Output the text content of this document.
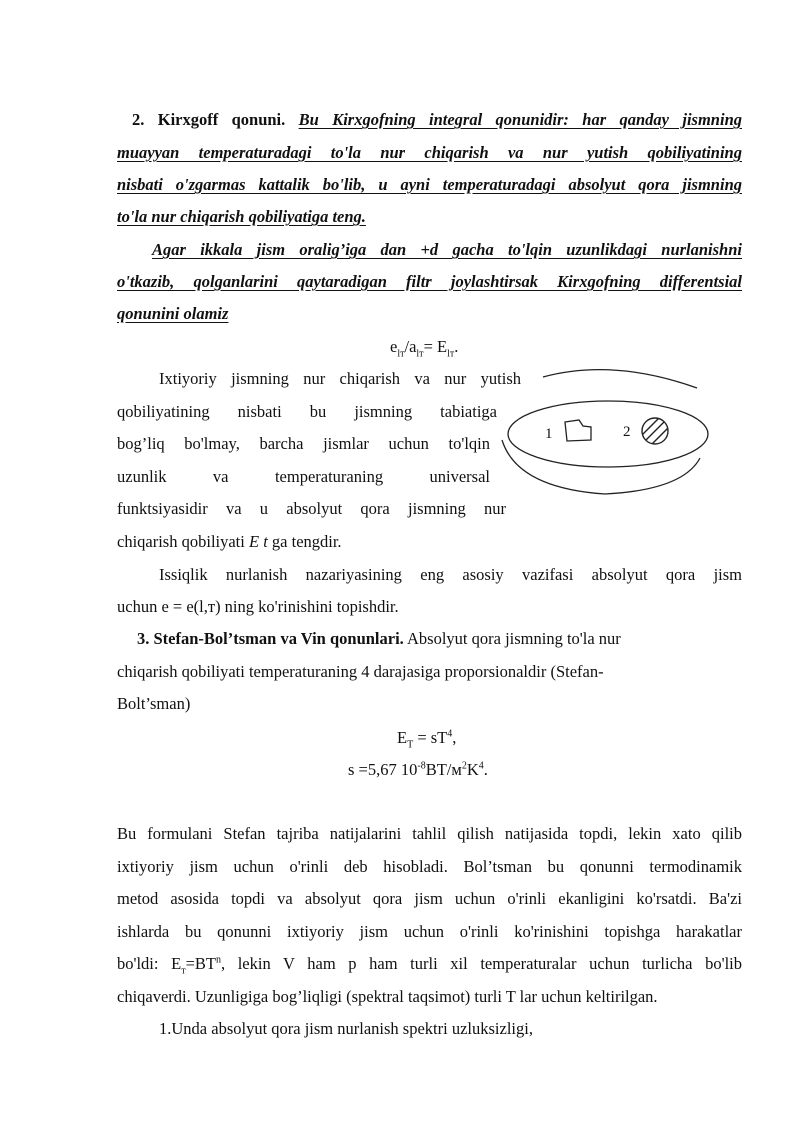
2. Kirxgoff qonuni. Bu Kirxgofning integral qonunidir: har qanday jismning
muayyan temperaturadagi to'la nur chiqarish va nur yutish qobiliyatining
nisbati o'zgarmas kattalik bo'lib, u ayni temperaturadagi absolyut qora jismning
to'la nur chiqarish qobiliyatiga teng.
Agar ikkala jism oralig’iga dan +d gacha to'lqin uzunlikdagi nurlanishni
o'tkazib, qolganlarini qaytaradigan filtr joylashtirsak Kirxgofning differentsial
qonunini olamiz
$e_{lт}/a_{lт}= E_{lт}$.
Ixtiyoriy jismning nur chiqarish va nur yutish
qobiliyatining nisbati bu jismning tabiatiga
bog’liq bo'lmay, barcha jismlar uchun to'lqin
uzunlik va temperaturaning universal
funktsiyasidir va u absolyut qora jismning nur
chiqarish qobiliyati E t ga tengdir.
1	2
Issiqlik nurlanish nazariyasining eng asosiy vazifasi absolyut qora jism
uchun e = e(l,т) ning ko'rinishini topishdir.
3. Stefan-Bol’tsman va Vin qonunlari. Absolyut qora jismning to'la nur
chiqarish qobiliyati temperaturaning 4 darajasiga proporsionaldir (Stefan-
Bolt’sman)
$E_T = sT^4$,
s =5,67 $10^{-8}BT/м^2K^4$.
Bu formulani Stefan tajriba natijalarini tahlil qilish natijasida topdi, lekin xato qilib
ixtiyoriy jism uchun o'rinli deb hisobladi. Bol’tsman bu qonunni termodinamik
metod asosida topdi va absolyut qora jism uchun o'rinli ekanligini ko'rsatdi. Ba'zi
ishlarda bu qonunni ixtiyoriy jism uchun o'rinli ko'rinishini topishga harakatlar
bo'ldi: $E_т=BT^n$, lekin V ham p ham turli xil temperaturalar uchun turlicha bo'lib
chiqaverdi. Uzunligiga bog’liqligi (spektral taqsimot) turli T lar uchun keltirilgan.
1.Unda absolyut qora jism nurlanish spektri uzluksizligi,
